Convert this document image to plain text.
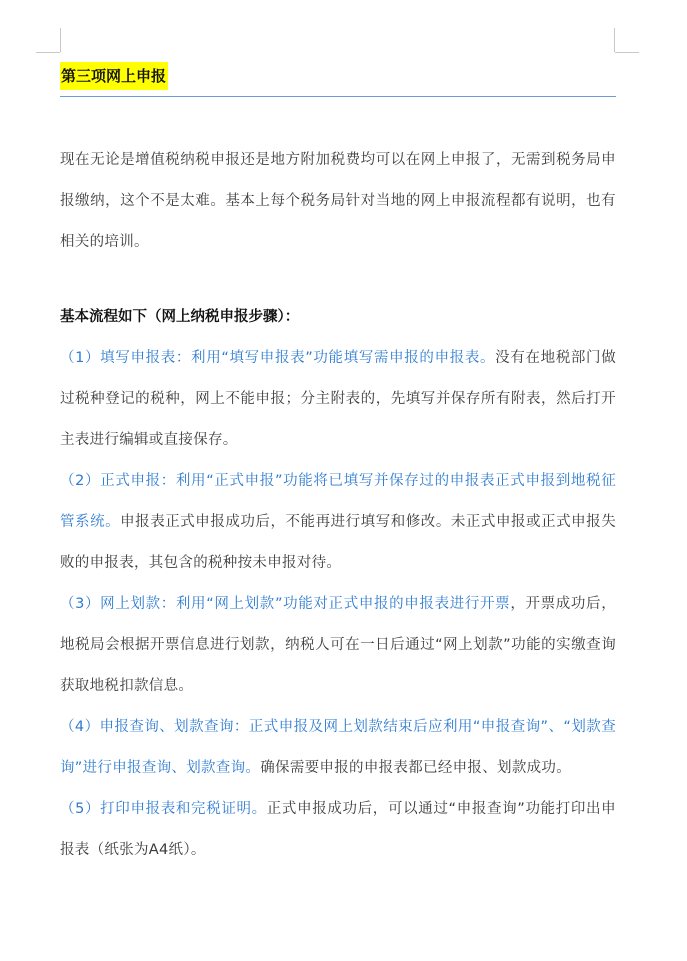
第三项网上申报

现在无论是增值税纳税申报还是地方附加税费均可以在网上申报了，无需到税务局申报缴纳，这个不是太难。基本上每个税务局针对当地的网上申报流程都有说明，也有相关的培训。

基本流程如下（网上纳税申报步骤）：

（1）填写申报表：利用“填写申报表”功能填写需申报的申报表。没有在地税部门做过税种登记的税种，网上不能申报；分主附表的，先填写并保存所有附表，然后打开主表进行编辑或直接保存。

（2）正式申报：利用“正式申报”功能将已填写并保存过的申报表正式申报到地税征管系统。申报表正式申报成功后，不能再进行填写和修改。未正式申报或正式申报失败的申报表，其包含的税种按未申报对待。

（3）网上划款：利用“网上划款”功能对正式申报的申报表进行开票，开票成功后，地税局会根据开票信息进行划款，纳税人可在一日后通过“网上划款”功能的实缴查询获取地税扣款信息。

（4）申报查询、划款查询：正式申报及网上划款结束后应利用“申报查询”、“划款查询”进行申报查询、划款查询。确保需要申报的申报表都已经申报、划款成功。

（5）打印申报表和完税证明。正式申报成功后，可以通过“申报查询”功能打印出申报表（纸张为A4纸）。
